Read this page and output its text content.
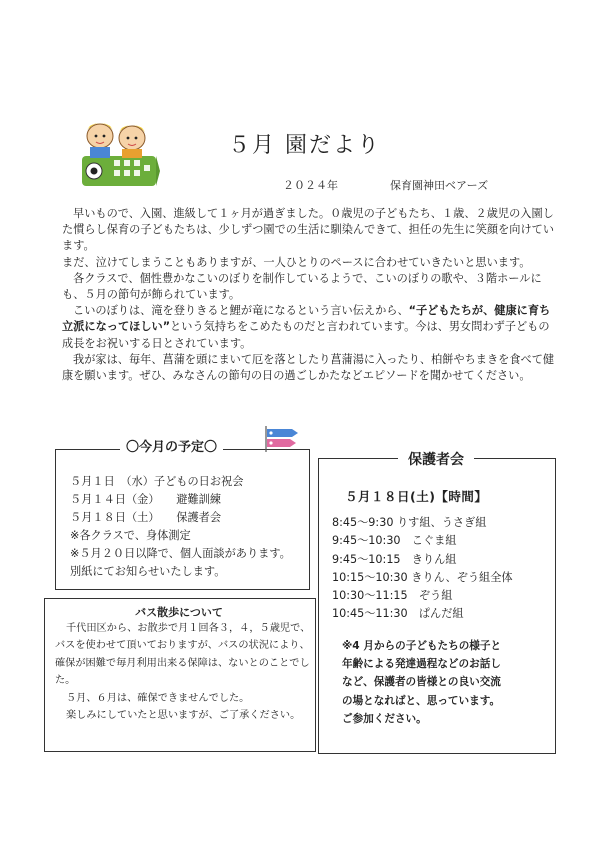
５月 園だより
２０２４年	保育園神田ベアーズ

早いもので、入園、進級して１ヶ月が過ぎました。０歳児の子どもたち、１歳、２歳児の入園した慣らし保育の子どもたちは、少しずつ園での生活に馴染んできて、担任の先生に笑顔を向けています。

まだ、泣けてしまうこともありますが、一人ひとりのペースに合わせていきたいと思います。

各クラスで、個性豊かなこいのぼりを制作しているようで、こいのぼりの歌や、３階ホールにも、５月の節句が飾られています。

こいのぼりは、滝を登りきると鯉が竜になるという言い伝えから、“子どもたちが、健康に育ち立派になってほしい”という気持ちをこめたものだと言われています。今は、男女問わず子どもの成長をお祝いする日とされています。

我が家は、毎年、菖蒲を頭にまいて厄を落としたり菖蒲湯に入ったり、柏餅やちまきを食べて健康を願います。ぜひ、みなさんの節句の日の過ごしかたなどエピソードを聞かせてください。

〇今月の予定〇
５月１日　（水）子どもの日お祝会
５月１４日（金）　　避難訓練
５月１８日（土）　　保護者会
※各クラスで、身体測定
※５月２０日以降で、個人面談があります。
別紙にてお知らせいたします。
バス散歩について

千代田区から、お散歩で月１回各３，４，５歳児で、バスを使わせて頂いておりますが、バスの状況により、確保が困難で毎月利用出来る保障は、ないとのことでした。

５月、６月は、確保できませんでした。

楽しみにしていたと思いますが、ご了承ください。

保護者会
５月１８日(土)【時間】
8:45～9:30 りす組、うさぎ組
9:45～10:30　こぐま組
9:45～10:15　きりん組
10:15～10:30 きりん、ぞう組全体
10:30～11:15　ぞう組
10:45～11:30　ぱんだ組
※4 月からの子どもたちの様子と
年齢による発達過程などのお話し
など、保護者の皆様との良い交流
の場となればと、思っています。
ご参加ください。
